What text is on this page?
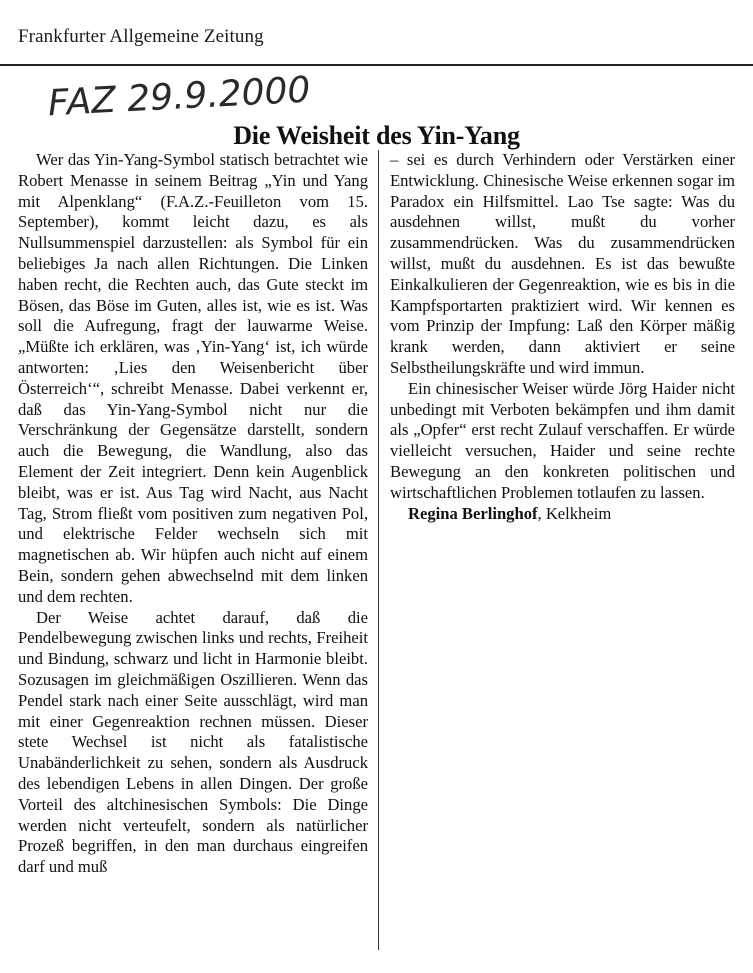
Frankfurter Allgemeine Zeitung
FAZ 29.9.2000
Die Weisheit des Yin-Yang

Wer das Yin-Yang-Symbol statisch betrachtet wie Robert Menasse in seinem Beitrag „Yin und Yang mit Alpenklang“ (F.A.Z.-Feuilleton vom 15. September), kommt leicht dazu, es als Nullsummenspiel darzustellen: als Symbol für ein beliebiges Ja nach allen Richtungen. Die Linken haben recht, die Rechten auch, das Gute steckt im Bösen, das Böse im Guten, alles ist, wie es ist. Was soll die Aufregung, fragt der lauwarme Weise. „Müßte ich erklären, was ‚Yin-Yang‘ ist, ich würde antworten: ‚Lies den Weisenbericht über Österreich‘“, schreibt Menasse. Dabei verkennt er, daß das Yin-Yang-Symbol nicht nur die Verschränkung der Gegensätze darstellt, sondern auch die Bewegung, die Wandlung, also das Element der Zeit integriert. Denn kein Augenblick bleibt, was er ist. Aus Tag wird Nacht, aus Nacht Tag, Strom fließt vom positiven zum negativen Pol, und elektrische Felder wechseln sich mit magnetischen ab. Wir hüpfen auch nicht auf einem Bein, sondern gehen abwechselnd mit dem linken und dem rechten.

Der Weise achtet darauf, daß die Pendelbewegung zwischen links und rechts, Freiheit und Bindung, schwarz und licht in Harmonie bleibt. Sozusagen im gleichmäßigen Oszillieren. Wenn das Pendel stark nach einer Seite ausschlägt, wird man mit einer Gegenreaktion rechnen müssen. Dieser stete Wechsel ist nicht als fatalistische Unabänderlichkeit zu sehen, sondern als Ausdruck des lebendigen Lebens in allen Dingen. Der große Vorteil des altchinesischen Symbols: Die Dinge werden nicht verteufelt, sondern als natürlicher Prozeß begriffen, in den man durchaus eingreifen darf und muß

– sei es durch Verhindern oder Verstärken einer Entwicklung. Chinesische Weise erkennen sogar im Paradox ein Hilfsmittel. Lao Tse sagte: Was du ausdehnen willst, mußt du vorher zusammendrücken. Was du zusammendrücken willst, mußt du ausdehnen. Es ist das bewußte Einkalkulieren der Gegenreaktion, wie es bis in die Kampfsportarten praktiziert wird. Wir kennen es vom Prinzip der Impfung: Laß den Körper mäßig krank werden, dann aktiviert er seine Selbstheilungskräfte und wird immun.

Ein chinesischer Weiser würde Jörg Haider nicht unbedingt mit Verboten bekämpfen und ihm damit als „Opfer“ erst recht Zulauf verschaffen. Er würde vielleicht versuchen, Haider und seine rechte Bewegung an den konkreten politischen und wirtschaftlichen Problemen totlaufen zu lassen.

Regina Berlinghof, Kelkheim
